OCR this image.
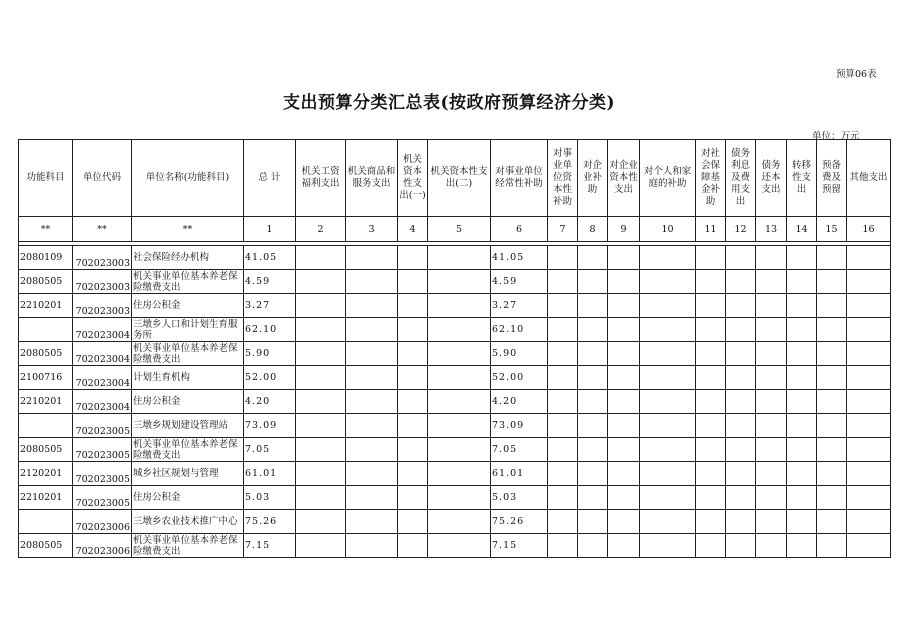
预算06表
支出预算分类汇总表(按政府预算经济分类)
单位：万元
功能科目	单位代码	单位名称(功能科目)	总 计	机关工资福利支出	机关商品和服务支出	机关资本性支出(一)	机关资本性支出(二)	对事业单位经常性补助	对事业单位资本性补助	对企业补助	对企业资本性支出	对个人和家庭的补助	对社会保障基金补助	债务利息及费用支出	债务还本支出	转移性支出	预备费及预留	其他支出
**	**	**	1	2	3	4	5	6	7	8	9	10	11	12	13	14	15	16

2080109	702023003	社会保险经办机构	41.05					41.05										
2080505	702023003	机关事业单位基本养老保险缴费支出	4.59					4.59										
2210201	702023003	住房公积金	3.27					3.27										
	702023004	三墩乡人口和计划生育服务所	62.10					62.10										
2080505	702023004	机关事业单位基本养老保险缴费支出	5.90					5.90										
2100716	702023004	计划生育机构	52.00					52.00										
2210201	702023004	住房公积金	4.20					4.20										
	702023005	三墩乡规划建设管理站	73.09					73.09										
2080505	702023005	机关事业单位基本养老保险缴费支出	7.05					7.05										
2120201	702023005	城乡社区规划与管理	61.01					61.01										
2210201	702023005	住房公积金	5.03					5.03										
	702023006	三墩乡农业技术推广中心	75.26					75.26										
2080505	702023006	机关事业单位基本养老保险缴费支出	7.15					7.15										
